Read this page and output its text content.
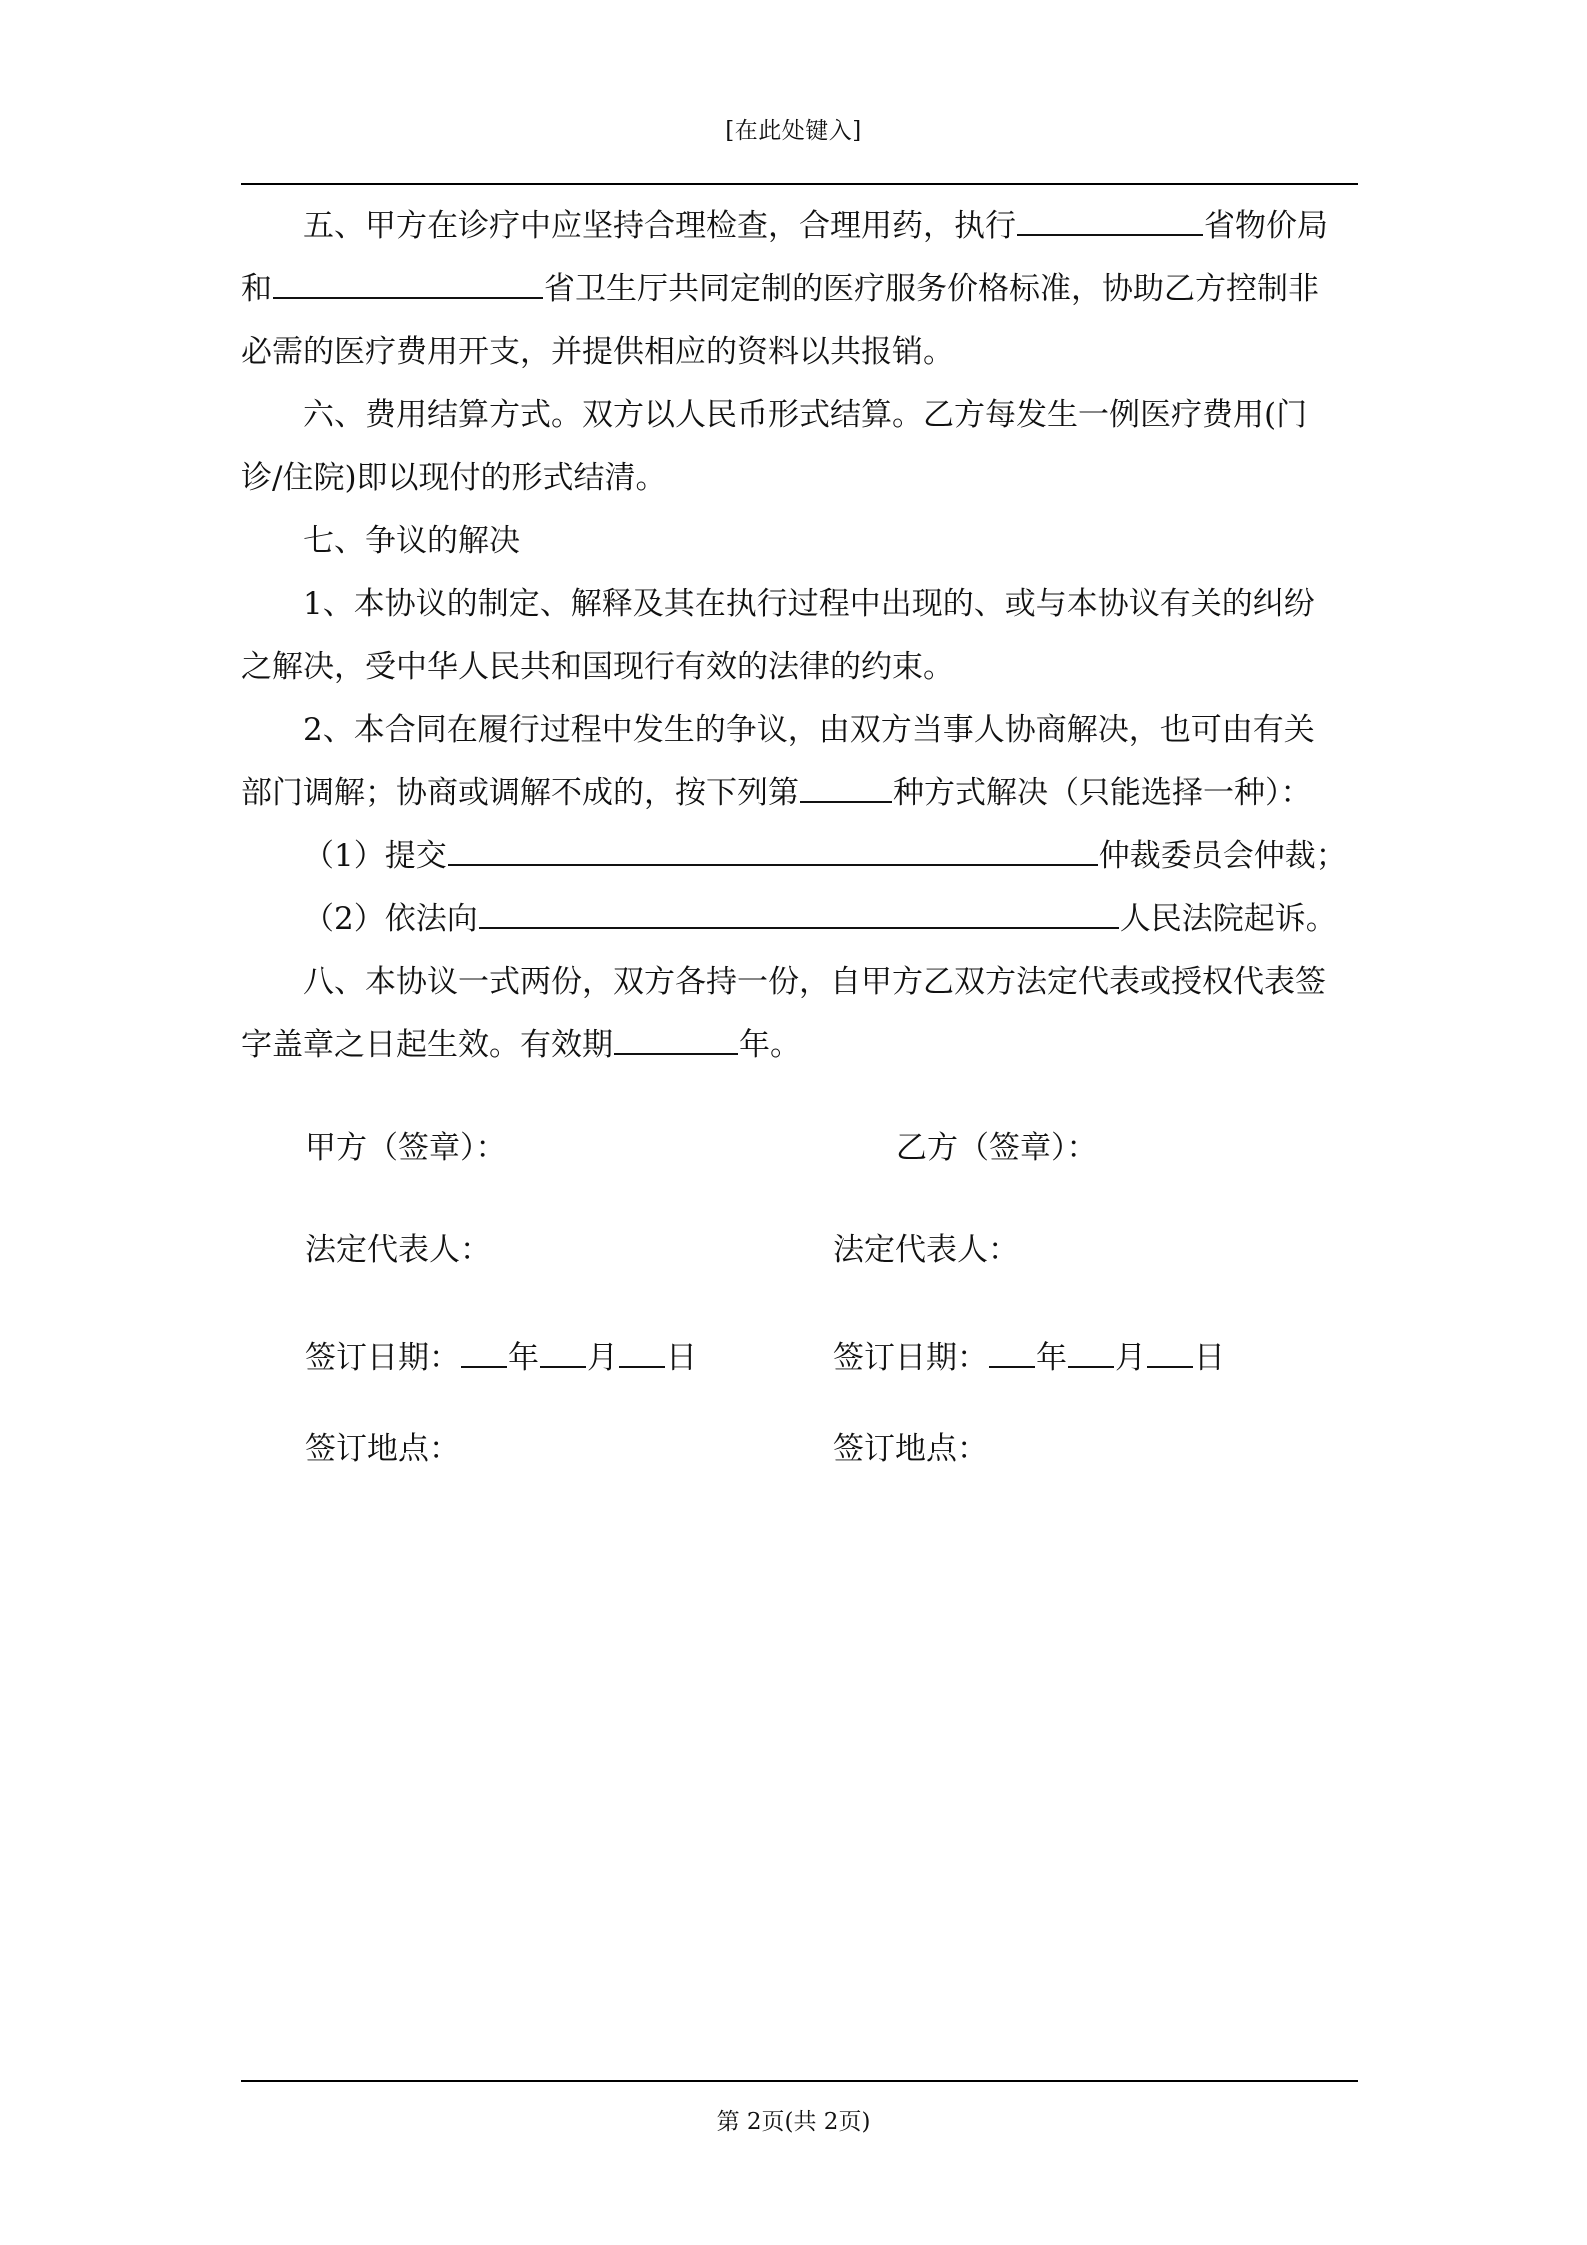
[在此处键入]
五、甲方在诊疗中应坚持合理检查，合理用药，执行	省物价局
和	省卫生厅共同定制的医疗服务价格标准，协助乙方控制非
必需的医疗费用开支，并提供相应的资料以共报销。
六、费用结算方式。双方以人民币形式结算。乙方每发生一例医疗费用(门
诊/住院)即以现付的形式结清。
七、争议的解决
1、本协议的制定、解释及其在执行过程中出现的、或与本协议有关的纠纷
之解决，受中华人民共和国现行有效的法律的约束。
2、本合同在履行过程中发生的争议，由双方当事人协商解决，也可由有关
部门调解；协商或调解不成的，按下列第	种方式解决（只能选择一种）：
（1）提交	仲裁委员会仲裁；
（2）依法向	人民法院起诉。
八、本协议一式两份，双方各持一份，自甲方乙双方法定代表或授权代表签
字盖章之日起生效。有效期	年。
甲方（签章）：	乙方（签章）：
法定代表人：	法定代表人：
签订日期： 年 月 日	签订日期： 年 月 日
签订地点：	签订地点：
第 2页(共 2页)
